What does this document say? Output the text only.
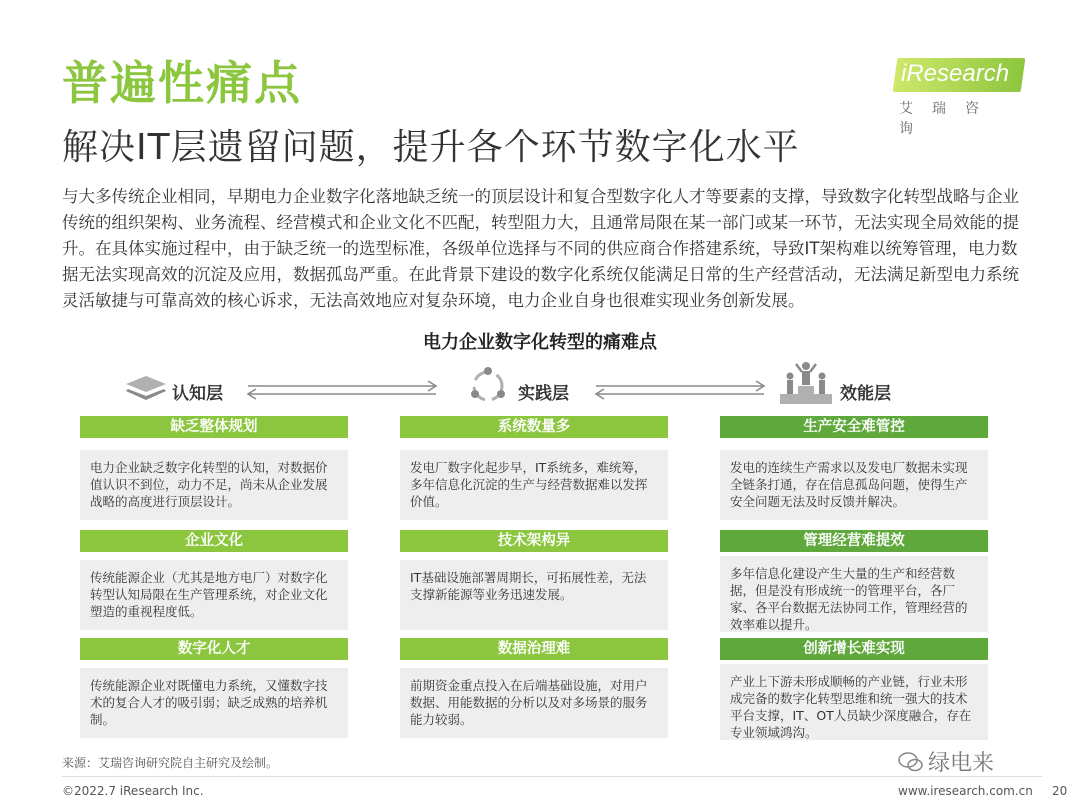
普遍性痛点
解决IT层遗留问题，提升各个环节数字化水平
iResearch
艾瑞咨询
与大多传统企业相同，早期电力企业数字化落地缺乏统一的顶层设计和复合型数字化人才等要素的支撑，导致数字化转型战略与企业传统的组织架构、业务流程、经营模式和企业文化不匹配，转型阻力大，且通常局限在某一部门或某一环节，无法实现全局效能的提升。在具体实施过程中，由于缺乏统一的选型标准，各级单位选择与不同的供应商合作搭建系统，导致IT架构难以统筹管理，电力数据无法实现高效的沉淀及应用，数据孤岛严重。在此背景下建设的数字化系统仅能满足日常的生产经营活动，无法满足新型电力系统灵活敏捷与可靠高效的核心诉求，无法高效地应对复杂环境，电力企业自身也很难实现业务创新发展。
电力企业数字化转型的痛难点
认知层	实践层	效能层
缺乏整体规划
电力企业缺乏数字化转型的认知，对数据价值认识不到位，动力不足，尚未从企业发展战略的高度进行顶层设计。
企业文化
传统能源企业（尤其是地方电厂）对数字化转型认知局限在生产管理系统，对企业文化塑造的重视程度低。
数字化人才
传统能源企业对既懂电力系统，又懂数字技术的复合人才的吸引弱；缺乏成熟的培养机制。
系统数量多
发电厂数字化起步早，IT系统多，难统筹，多年信息化沉淀的生产与经营数据难以发挥价值。
技术架构异
IT基础设施部署周期长，可拓展性差，无法支撑新能源等业务迅速发展。
数据治理难
前期资金重点投入在后端基础设施，对用户数据、用能数据的分析以及对多场景的服务能力较弱。
生产安全难管控
发电的连续生产需求以及发电厂数据未实现全链条打通，存在信息孤岛问题，使得生产安全问题无法及时反馈并解决。
管理经营难提效
多年信息化建设产生大量的生产和经营数据，但是没有形成统一的管理平台，各厂家、各平台数据无法协同工作，管理经营的效率难以提升。
创新增长难实现
产业上下游未形成顺畅的产业链，行业未形成完备的数字化转型思维和统一强大的技术平台支撑，IT、OT人员缺少深度融合，存在专业领域鸿沟。
来源：艾瑞咨询研究院自主研究及绘制。
©2022.7 iResearch Inc.	www.iresearch.com.cn 20
绿电来
